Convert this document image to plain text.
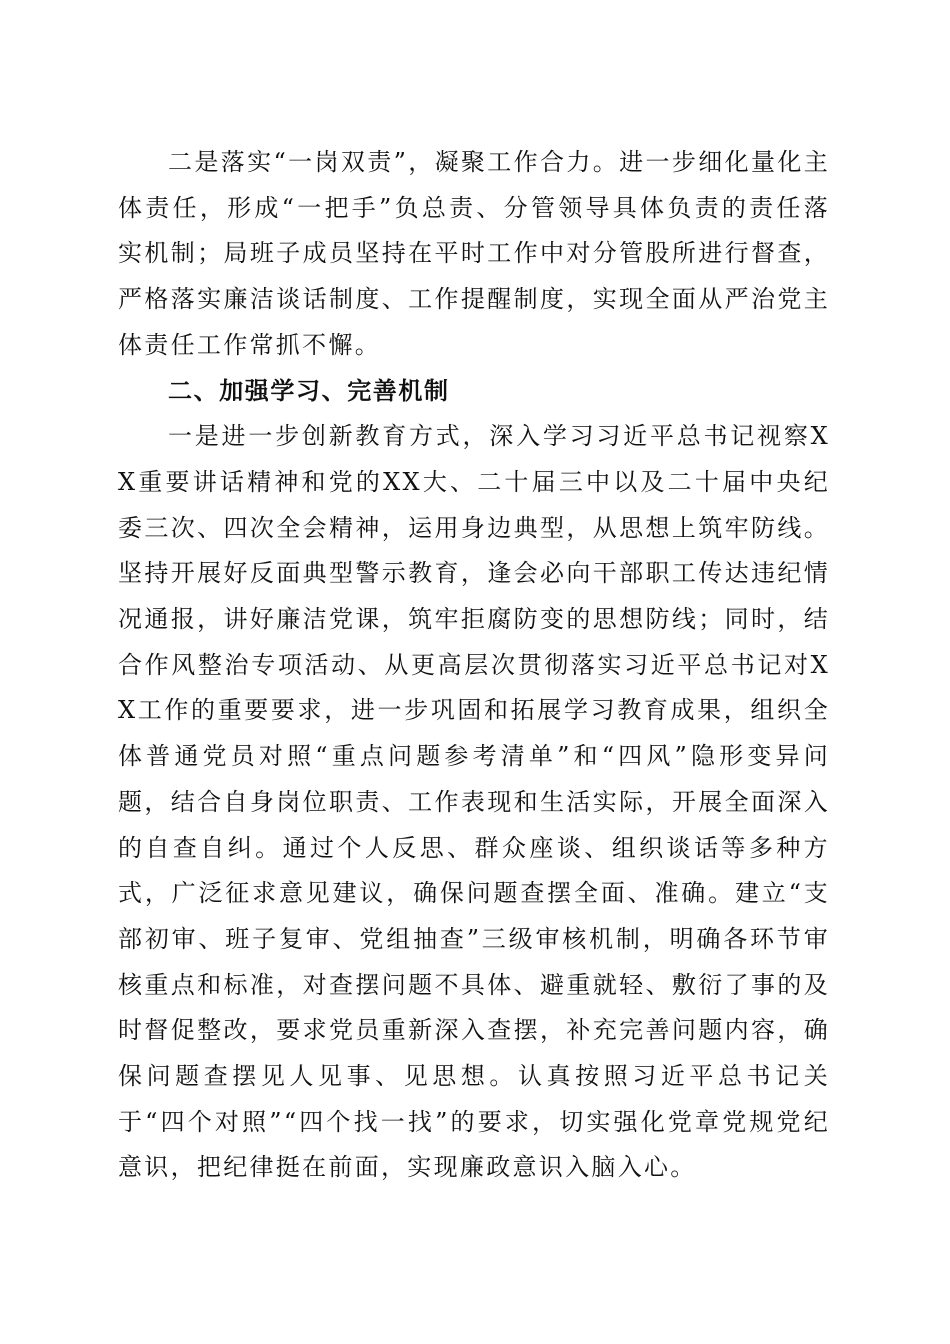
二是落实“一岗双责”，凝聚工作合力。进一步细化量化主体责任，形成“一把手”负总责、分管领导具体负责的责任落实机制；局班子成员坚持在平时工作中对分管股所进行督查，严格落实廉洁谈话制度、工作提醒制度，实现全面从严治党主体责任工作常抓不懈。

二、加强学习、完善机制

一是进一步创新教育方式，深入学习习近平总书记视察XX重要讲话精神和党的XX大、二十届三中以及二十届中央纪委三次、四次全会精神，运用身边典型，从思想上筑牢防线。坚持开展好反面典型警示教育，逢会必向干部职工传达违纪情况通报，讲好廉洁党课，筑牢拒腐防变的思想防线；同时，结合作风整治专项活动、从更高层次贯彻落实习近平总书记对XX工作的重要要求，进一步巩固和拓展学习教育成果，组织全体普通党员对照“重点问题参考清单”和“四风”隐形变异问题，结合自身岗位职责、工作表现和生活实际，开展全面深入的自查自纠。通过个人反思、群众座谈、组织谈话等多种方式，广泛征求意见建议，确保问题查摆全面、准确。建立“支部初审、班子复审、党组抽查”三级审核机制，明确各环节审核重点和标准，对查摆问题不具体、避重就轻、敷衍了事的及时督促整改，要求党员重新深入查摆，补充完善问题内容，确保问题查摆见人见事、见思想。认真按照习近平总书记关于“四个对照”“四个找一找”的要求，切实强化党章党规党纪意识，把纪律挺在前面，实现廉政意识入脑入心。
